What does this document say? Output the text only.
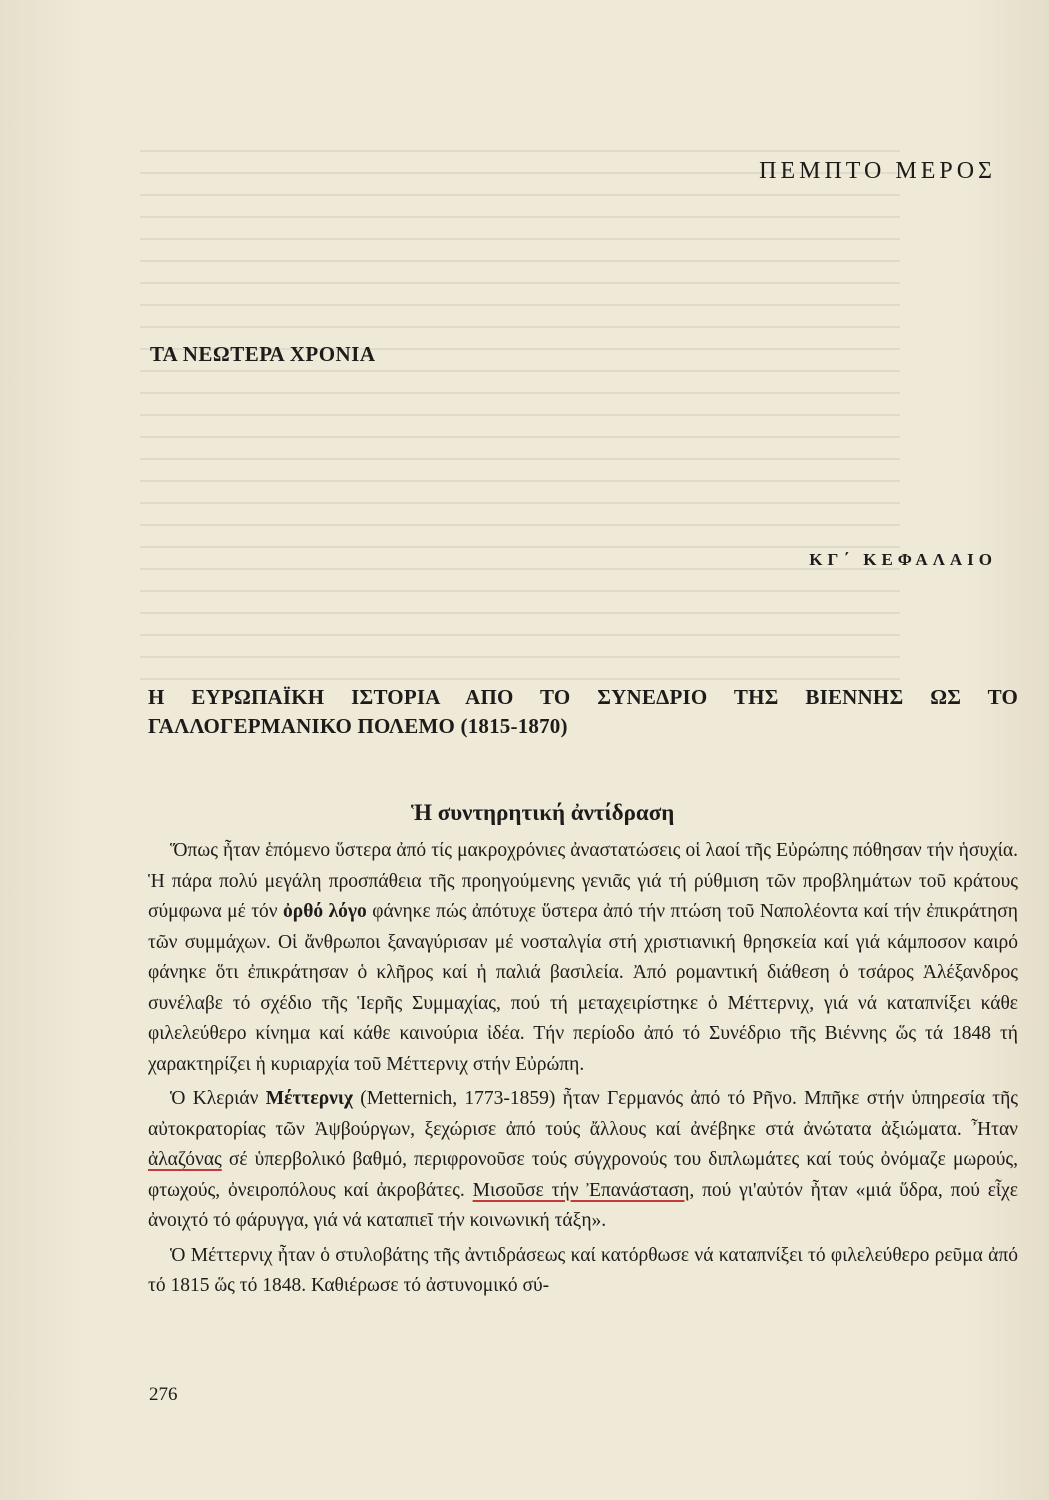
ΠΕΜΠΤΟ ΜΕΡΟΣ
ΤΑ ΝΕΩΤΕΡΑ ΧΡΟΝΙΑ
ΚΓ΄ ΚΕΦΑΛΑΙΟ
Η ΕΥΡΩΠΑΪΚΗ ΙΣΤΟΡΙΑ ΑΠΟ ΤΟ ΣΥΝΕΔΡΙΟ ΤΗΣ ΒΙΕΝΝΗΣ ΩΣ ΤΟ ΓΑΛΛΟΓΕΡΜΑΝΙΚΟ ΠΟΛΕΜΟ (1815-1870)
Ἡ συντηρητική ἀντίδραση

Ὅπως ἦταν ἑπόμενο ὕστερα ἀπό τίς μακροχρόνιες ἀναστατώσεις οἱ λαοί τῆς Εὐρώπης πόθησαν τήν ἡσυχία. Ἡ πάρα πολύ μεγάλη προσπάθεια τῆς προηγούμενης γενιᾶς γιά τή ρύθμιση τῶν προβλημάτων τοῦ κράτους σύμφωνα μέ τόν ὀρθό λόγο φάνηκε πώς ἀπότυχε ὕστερα ἀπό τήν πτώση τοῦ Ναπολέοντα καί τήν ἐπικράτηση τῶν συμμάχων. Οἱ ἄνθρωποι ξαναγύρισαν μέ νοσταλγία στή χριστιανική θρησκεία καί γιά κάμποσον καιρό φάνηκε ὅτι ἐπικράτησαν ὁ κλῆρος καί ἡ παλιά βασιλεία. Ἀπό ρομαντική διάθεση ὁ τσάρος Ἀλέξανδρος συνέλαβε τό σχέδιο τῆς Ἱερῆς Συμμαχίας, πού τή μεταχειρίστηκε ὁ Μέττερνιχ, γιά νά καταπνίξει κάθε φιλελεύθερο κίνημα καί κάθε καινούρια ἰδέα. Τήν περίοδο ἀπό τό Συνέδριο τῆς Βιέννης ὥς τά 1848 τή χαρακτηρίζει ἡ κυριαρχία τοῦ Μέττερνιχ στήν Εὐρώπη.

Ὁ Κλεριάν Μέττερνιχ (Metternich, 1773-1859) ἦταν Γερμανός ἀπό τό Ρῆνο. Μπῆκε στήν ὑπηρεσία τῆς αὐτοκρατορίας τῶν Ἀψβούργων, ξεχώρισε ἀπό τούς ἄλλους καί ἀνέβηκε στά ἀνώτατα ἀξιώματα. Ἦταν ἀλαζόνας σέ ὑπερβολικό βαθμό, περιφρονοῦσε τούς σύγχρονούς του διπλωμάτες καί τούς ὀνόμαζε μωρούς, φτωχούς, ὀνειροπόλους καί ἀκροβάτες. Μισοῦσε τήν Ἐπανάσταση, πού γι'αὐτόν ἦταν «μιά ὕδρα, πού εἶχε ἀνοιχτό τό φάρυγγα, γιά νά καταπιεῖ τήν κοινωνική τάξη».

Ὁ Μέττερνιχ ἦταν ὁ στυλοβάτης τῆς ἀντιδράσεως καί κατόρθωσε νά καταπνίξει τό φιλελεύθερο ρεῦμα ἀπό τό 1815 ὥς τό 1848. Καθιέρωσε τό ἀστυνομικό σύ-

276
